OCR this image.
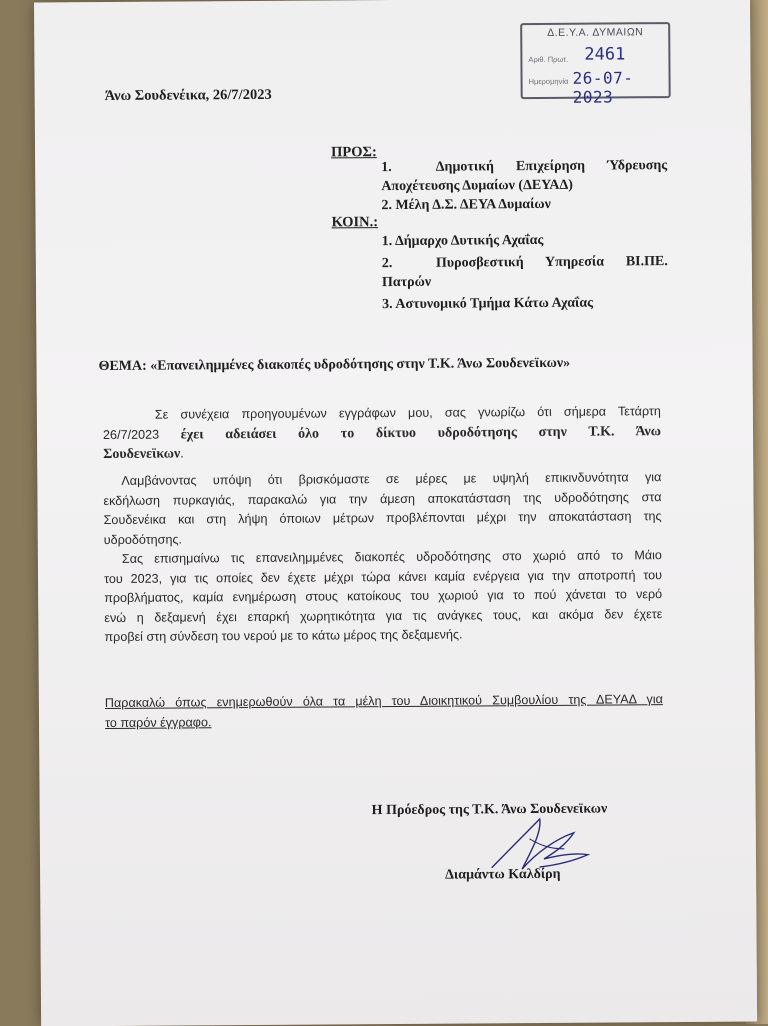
Άνω Σουδενέικα, 26/7/2023
Δ.Ε.Υ.Α. ΔΥΜΑΙΩΝ
Αριθ. Πρωτ. 2461
Ημερομηνία 26-07-2023
ΠΡΟΣ:
1.	Δημοτική Επιχείρηση Ύδρευσης
Αποχέτευσης Δυμαίων (ΔΕΥΑΔ)
2. Μέλη Δ.Σ. ΔΕΥΑ Δυμαίων
ΚΟΙΝ.:
1. Δήμαρχο Δυτικής Αχαΐας
2.	Πυροσβεστική Υπηρεσία ΒΙ.ΠΕ.
Πατρών
3. Αστυνομικό Τμήμα Κάτω Αχαΐας
ΘΕΜΑ: «Επανειλημμένες διακοπές υδροδότησης στην Τ.Κ. Άνω Σουδενεϊκων»
Σε συνέχεια προηγουμένων εγγράφων μου, σας γνωρίζω ότι σήμερα Τετάρτη
26/7/2023 έχει αδειάσει όλο το δίκτυο υδροδότησης στην Τ.Κ. Άνω
Σουδενεϊκων.
Λαμβάνοντας υπόψη ότι βρισκόμαστε σε μέρες με υψηλή επικινδυνότητα για
εκδήλωση πυρκαγιάς, παρακαλώ για την άμεση αποκατάσταση της υδροδότησης στα
Σουδενέικα και στη λήψη όποιων μέτρων προβλέπονται μέχρι την αποκατάσταση της
υδροδότησης.
Σας επισημαίνω τις επανειλημμένες διακοπές υδροδότησης στο χωριό από το Μάιο
του 2023, για τις οποίες δεν έχετε μέχρι τώρα κάνει καμία ενέργεια για την αποτροπή του
προβλήματος, καμία ενημέρωση στους κατοίκους του χωριού για το πού χάνεται το νερό
ενώ η δεξαμενή έχει επαρκή χωρητικότητα για τις ανάγκες τους, και ακόμα δεν έχετε
προβεί στη σύνδεση του νερού με το κάτω μέρος της δεξαμενής.
Παρακαλώ όπως ενημερωθούν όλα τα μέλη του Διοικητικού Συμβουλίου της ΔΕΥΑΔ για
το παρόν έγγραφο.
Η Πρόεδρος της Τ.Κ. Άνω Σουδενεϊκων
Διαμάντω Καλδίρη
